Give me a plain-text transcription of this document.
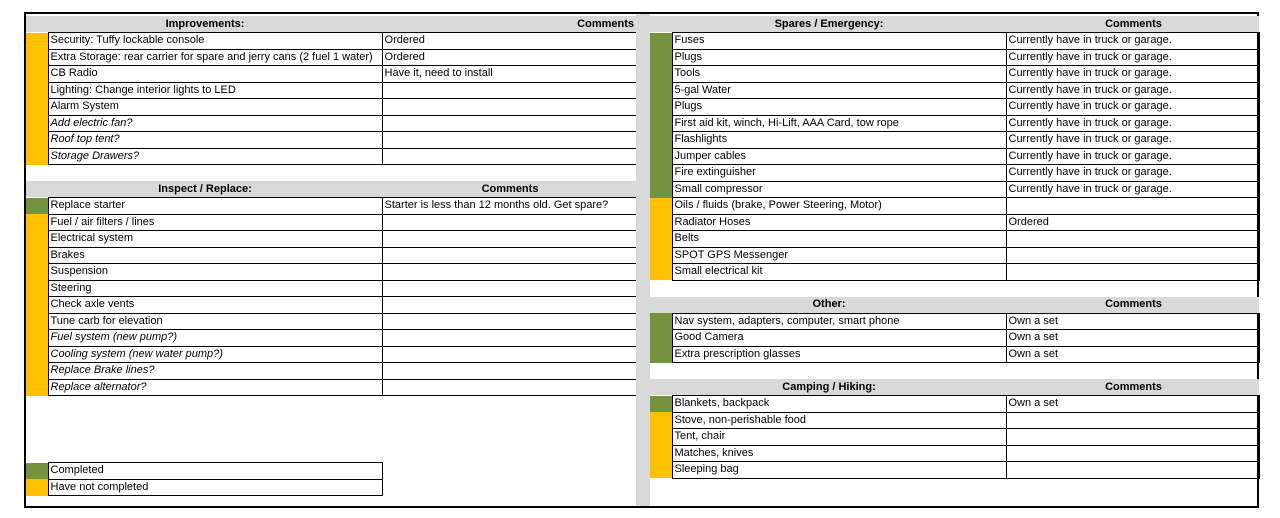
Improvements:		Comments
	Security: Tuffy lockable console	Ordered
	Extra Storage: rear carrier for spare and jerry cans (2 fuel 1 water)	Ordered
	CB Radio	Have it, need to install
	Lighting: Change interior lights to LED	
	Alarm System	
	Add electric fan?	
	Roof top tent?	
	Storage Drawers?	

Inspect / Replace:		Comments
	Replace starter	Starter is less than 12 months old. Get spare?
	Fuel / air filters / lines	
	Electrical system	
	Brakes	
	Suspension	
	Steering	
	Check axle vents	
	Tune carb for elevation	
	Fuel system (new pump?)	
	Cooling system (new water pump?)	
	Replace Brake lines?	
	Replace alternator?	
	Completed
	Have not completed
Spares / Emergency:		Comments
	Fuses	Currently have in truck or garage.
	Plugs	Currently have in truck or garage.
	Tools	Currently have in truck or garage.
	5-gal Water	Currently have in truck or garage.
	Plugs	Currently have in truck or garage.
	First aid kit, winch, Hi-Lift, AAA Card, tow rope	Currently have in truck or garage.
	Flashlights	Currently have in truck or garage.
	Jumper cables	Currently have in truck or garage.
	Fire extinguisher	Currently have in truck or garage.
	Small compressor	Currently have in truck or garage.
	Oils / fluids (brake, Power Steering, Motor)	
	Radiator Hoses	Ordered
	Belts	
	SPOT GPS Messenger	
	Small electrical kit	

Other:		Comments
	Nav system, adapters, computer, smart phone	Own a set
	Good Camera	Own a set
	Extra prescription glasses	Own a set

Camping / Hiking:		Comments
	Blankets, backpack	Own a set
	Stove, non-perishable food	
	Tent, chair	
	Matches, knives	
	Sleeping bag	
